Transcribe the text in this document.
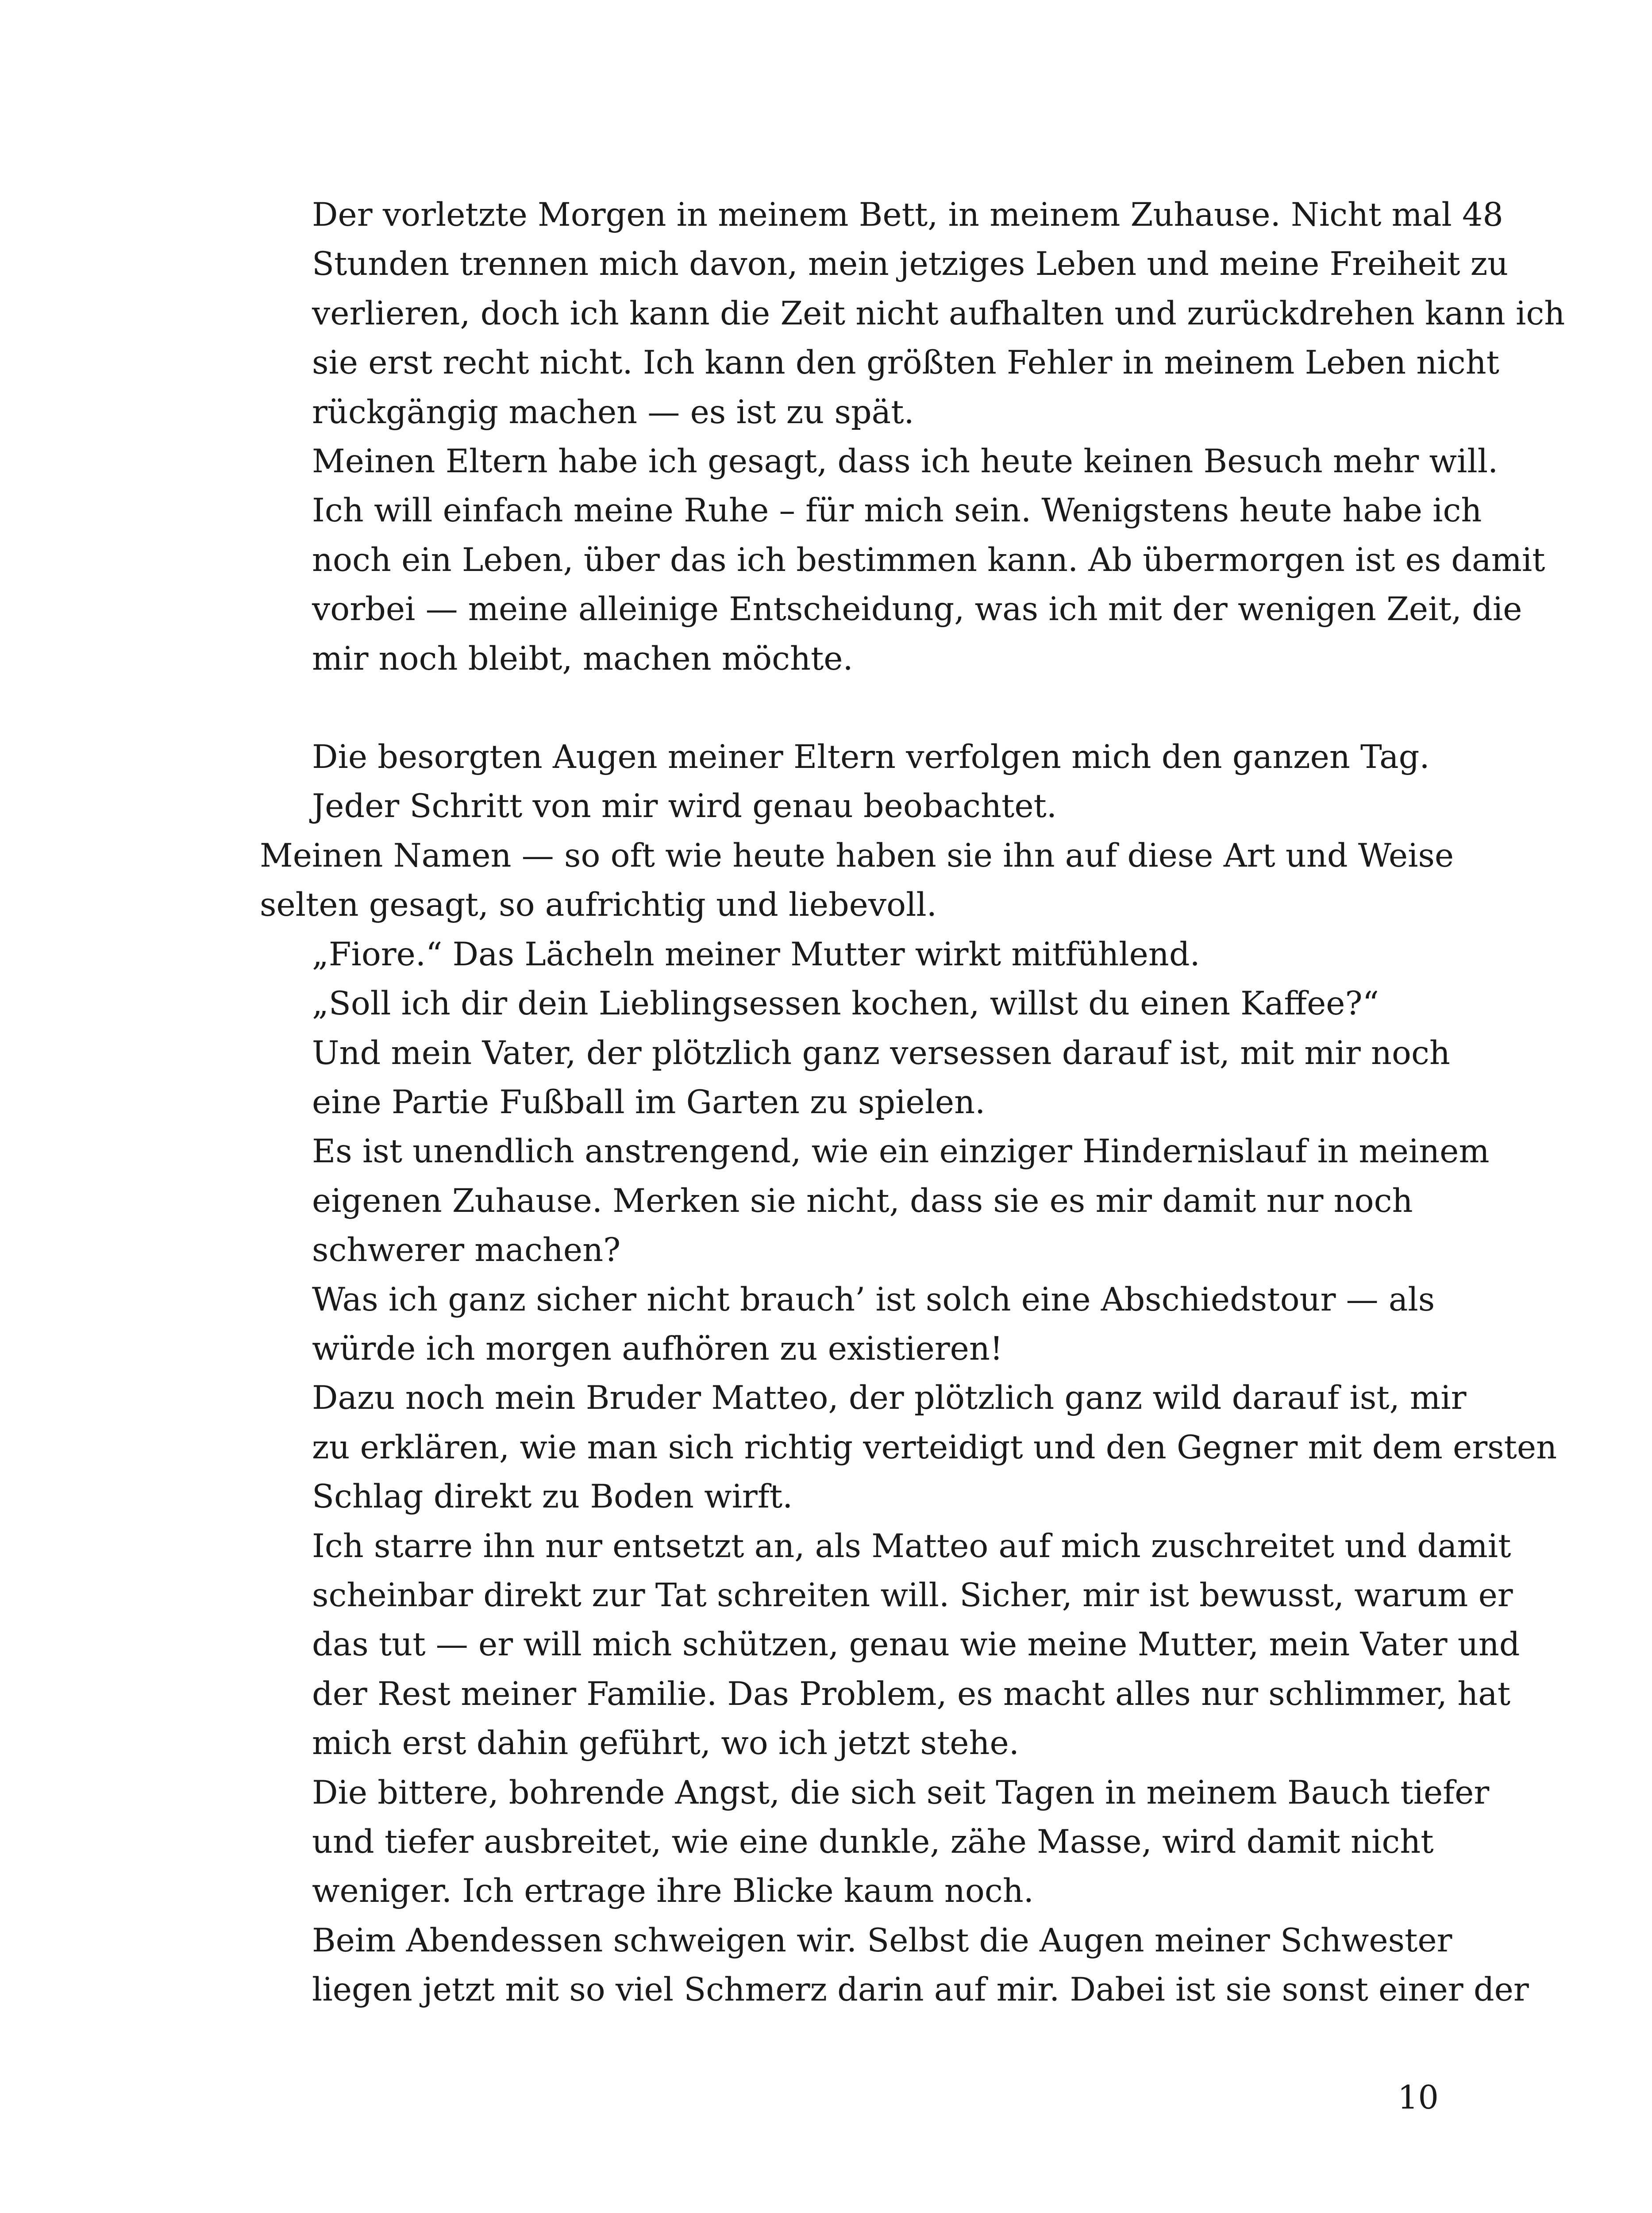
Der vorletzte Morgen in meinem Bett, in meinem Zuhause. Nicht mal 48
Stunden trennen mich davon, mein jetziges Leben und meine Freiheit zu
verlieren, doch ich kann die Zeit nicht aufhalten und zurückdrehen kann ich
sie erst recht nicht. Ich kann den größten Fehler in meinem Leben nicht
rückgängig machen — es ist zu spät.

Meinen Eltern habe ich gesagt, dass ich heute keinen Besuch mehr will.
Ich will einfach meine Ruhe – für mich sein. Wenigstens heute habe ich
noch ein Leben, über das ich bestimmen kann. Ab übermorgen ist es damit
vorbei — meine alleinige Entscheidung, was ich mit der wenigen Zeit, die
mir noch bleibt, machen möchte.

Die besorgten Augen meiner Eltern verfolgen mich den ganzen Tag.
Jeder Schritt von mir wird genau beobachtet.

Meinen Namen — so oft wie heute haben sie ihn auf diese Art und Weise
selten gesagt, so aufrichtig und liebevoll.

„Fiore.“ Das Lächeln meiner Mutter wirkt mitfühlend.

„Soll ich dir dein Lieblingsessen kochen, willst du einen Kaffee?“

Und mein Vater, der plötzlich ganz versessen darauf ist, mit mir noch
eine Partie Fußball im Garten zu spielen.

Es ist unendlich anstrengend, wie ein einziger Hindernislauf in meinem
eigenen Zuhause. Merken sie nicht, dass sie es mir damit nur noch
schwerer machen?

Was ich ganz sicher nicht brauch’ ist solch eine Abschiedstour — als
würde ich morgen aufhören zu existieren!

Dazu noch mein Bruder Matteo, der plötzlich ganz wild darauf ist, mir
zu erklären, wie man sich richtig verteidigt und den Gegner mit dem ersten
Schlag direkt zu Boden wirft.

Ich starre ihn nur entsetzt an, als Matteo auf mich zuschreitet und damit
scheinbar direkt zur Tat schreiten will. Sicher, mir ist bewusst, warum er
das tut — er will mich schützen, genau wie meine Mutter, mein Vater und
der Rest meiner Familie. Das Problem, es macht alles nur schlimmer, hat
mich erst dahin geführt, wo ich jetzt stehe.

Die bittere, bohrende Angst, die sich seit Tagen in meinem Bauch tiefer
und tiefer ausbreitet, wie eine dunkle, zähe Masse, wird damit nicht
weniger. Ich ertrage ihre Blicke kaum noch.

Beim Abendessen schweigen wir. Selbst die Augen meiner Schwester
liegen jetzt mit so viel Schmerz darin auf mir. Dabei ist sie sonst einer der

10
